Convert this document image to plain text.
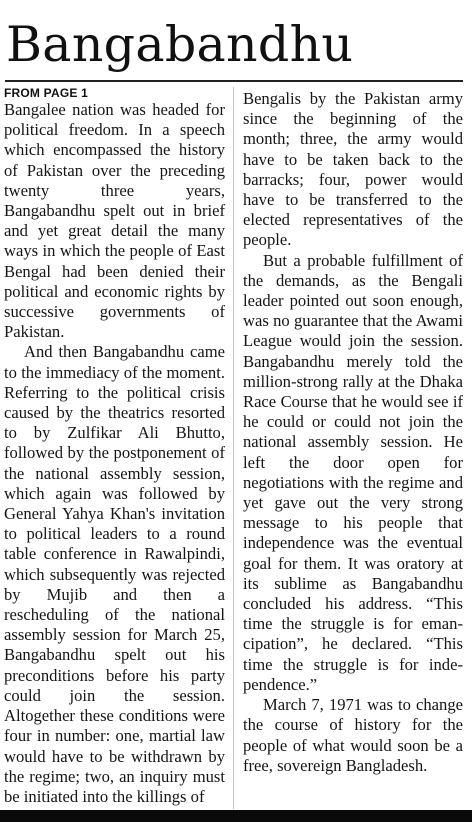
Bangabandhu
FROM PAGE 1

Bangalee nation was headed for political freedom. In a speech which encompassed the history of Pakistan over the preceding twenty three years, Bangabandhu spelt out in brief and yet great detail the many ways in which the people of East Bengal had been denied their political and economic rights by successive governments of Pakistan.

And then Bangabandhu came to the immediacy of the moment. Referring to the political crisis caused by the theatrics resorted to by Zulfikar Ali Bhutto, followed by the postponement of the national assembly session, which again was followed by General Yahya Khan's invitation to political leaders to a round table conference in Rawalpindi, which subsequently was rejected by Mujib and then a rescheduling of the national assembly session for March 25, Bangabandhu spelt out his preconditions before his party could join the session. Altogether these conditions were four in number: one, martial law would have to be withdrawn by the regime; two, an inquiry must be initiated into the killings of

Bengalis by the Pakistan army since the beginning of the month; three, the army would have to be taken back to the barracks; four, power would have to be transferred to the elected representatives of the people.

But a probable fulfillment of the demands, as the Bengali leader pointed out soon enough, was no guarantee that the Awami League would join the session. Bangabandhu merely told the million-strong rally at the Dhaka Race Course that he would see if he could or could not join the national assembly session. He left the door open for negotiations with the regime and yet gave out the very strong message to his people that independence was the eventual goal for them. It was oratory at its sublime as Bangabandhu concluded his address. “This time the struggle is for emancipation”, he declared. “This time the struggle is for independence.”

March 7, 1971 was to change the course of history for the people of what would soon be a free, sovereign Bangladesh.
